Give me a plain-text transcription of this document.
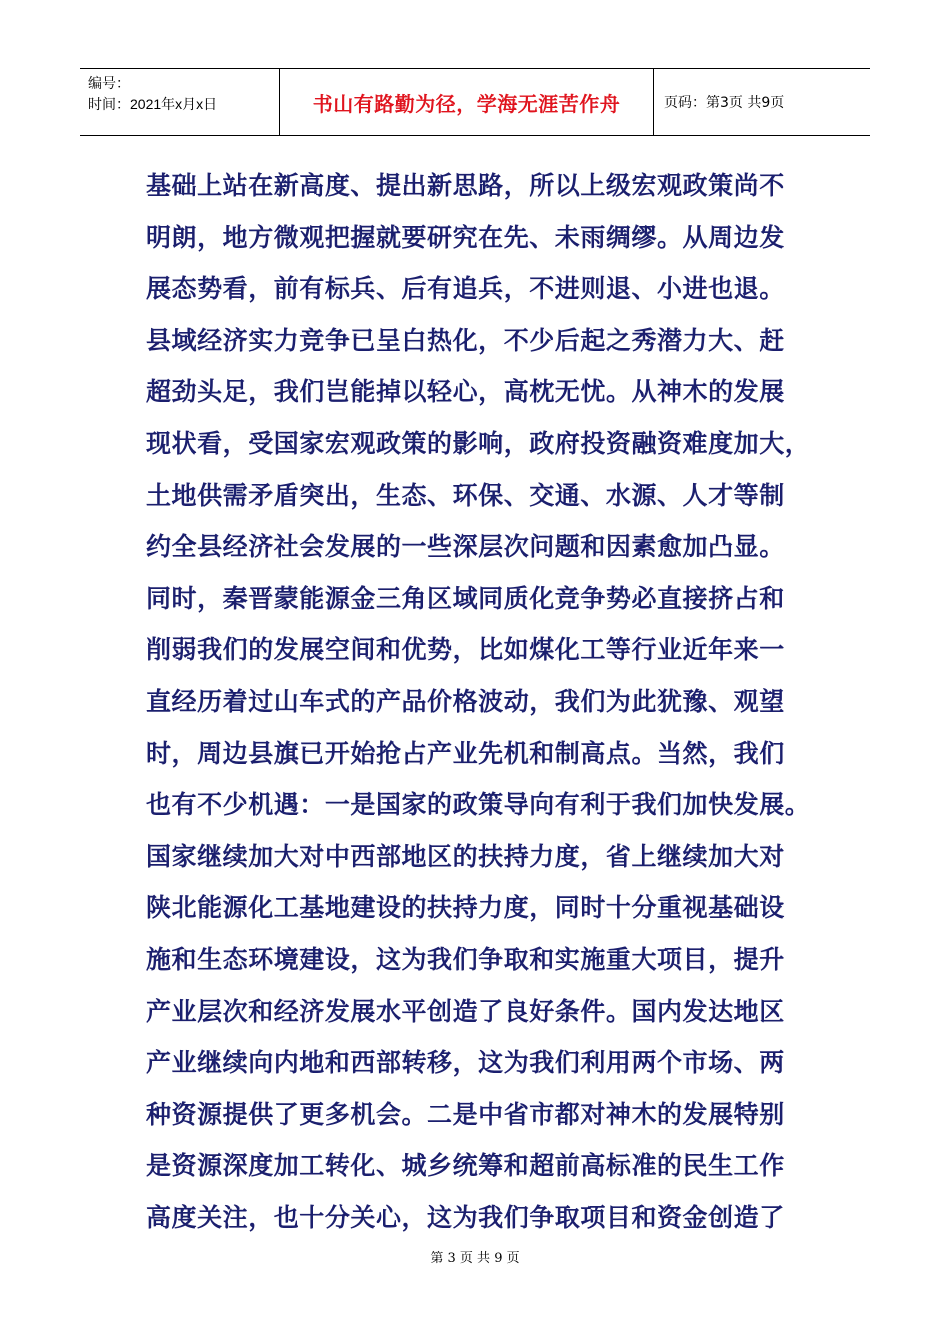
编号：
时间：2021年x月x日	书山有路勤为径，学海无涯苦作舟	页码：第3页 共9页
基础上站在新高度、提出新思路，所以上级宏观政策尚不
明朗，地方微观把握就要研究在先、未雨绸缪。从周边发
展态势看，前有标兵、后有追兵，不进则退、小进也退。
县域经济实力竞争已呈白热化，不少后起之秀潜力大、赶
超劲头足，我们岂能掉以轻心，高枕无忧。从神木的发展
现状看，受国家宏观政策的影响，政府投资融资难度加大，
土地供需矛盾突出，生态、环保、交通、水源、人才等制
约全县经济社会发展的一些深层次问题和因素愈加凸显。
同时，秦晋蒙能源金三角区域同质化竞争势必直接挤占和
削弱我们的发展空间和优势，比如煤化工等行业近年来一
直经历着过山车式的产品价格波动，我们为此犹豫、观望
时，周边县旗已开始抢占产业先机和制高点。当然，我们
也有不少机遇：一是国家的政策导向有利于我们加快发展。
国家继续加大对中西部地区的扶持力度，省上继续加大对
陕北能源化工基地建设的扶持力度，同时十分重视基础设
施和生态环境建设，这为我们争取和实施重大项目，提升
产业层次和经济发展水平创造了良好条件。国内发达地区
产业继续向内地和西部转移，这为我们利用两个市场、两
种资源提供了更多机会。二是中省市都对神木的发展特别
是资源深度加工转化、城乡统筹和超前高标准的民生工作
高度关注，也十分关心，这为我们争取项目和资金创造了
第 3 页 共 9 页
